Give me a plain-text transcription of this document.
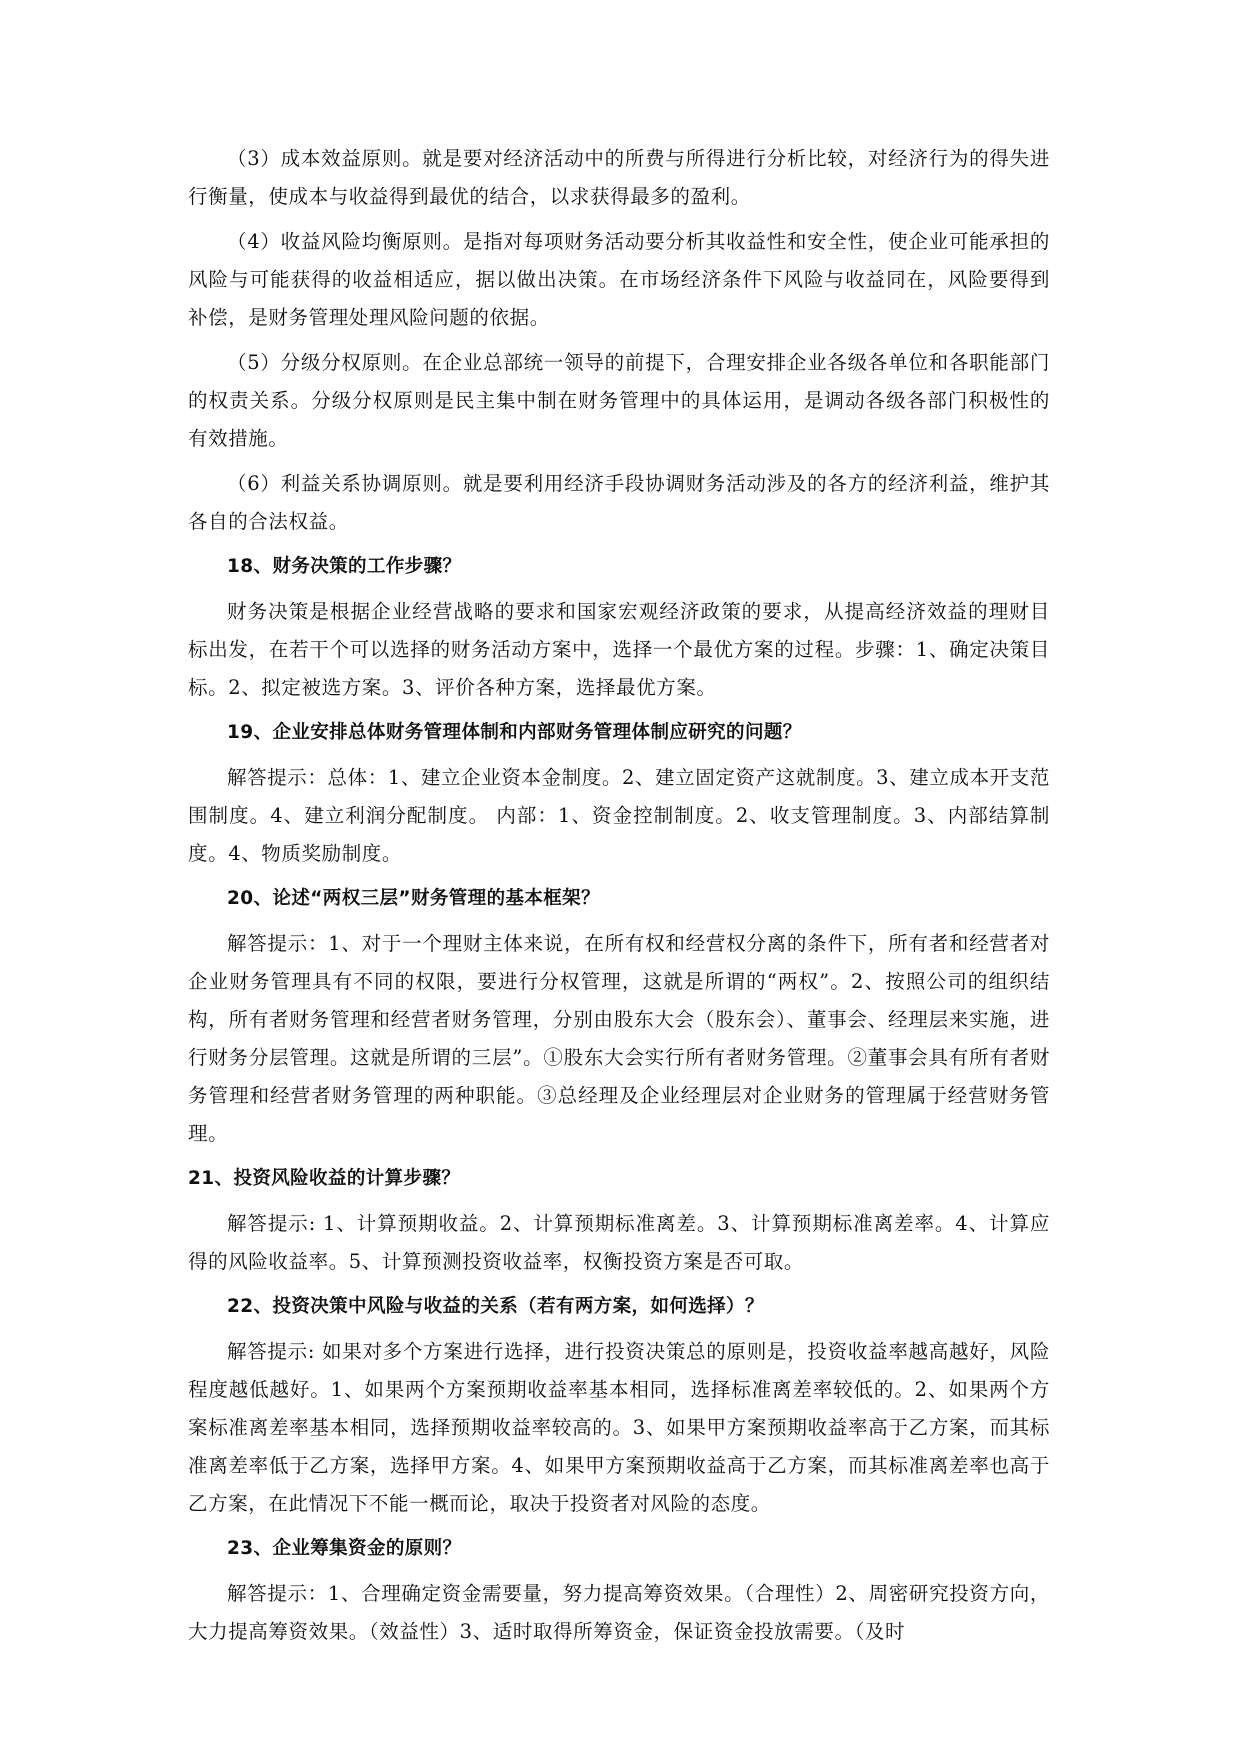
（3）成本效益原则。就是要对经济活动中的所费与所得进行分析比较，对经济行为的得失进行衡量，使成本与收益得到最优的结合，以求获得最多的盈利。

（4）收益风险均衡原则。是指对每项财务活动要分析其收益性和安全性，使企业可能承担的风险与可能获得的收益相适应，据以做出决策。在市场经济条件下风险与收益同在，风险要得到补偿，是财务管理处理风险问题的依据。

（5）分级分权原则。在企业总部统一领导的前提下，合理安排企业各级各单位和各职能部门的权责关系。分级分权原则是民主集中制在财务管理中的具体运用，是调动各级各部门积极性的有效措施。

（6）利益关系协调原则。就是要利用经济手段协调财务活动涉及的各方的经济利益，维护其各自的合法权益。

18、财务决策的工作步骤？

财务决策是根据企业经营战略的要求和国家宏观经济政策的要求，从提高经济效益的理财目标出发，在若干个可以选择的财务活动方案中，选择一个最优方案的过程。步骤：1、确定决策目标。2、拟定被选方案。3、评价各种方案，选择最优方案。

19、企业安排总体财务管理体制和内部财务管理体制应研究的问题？

解答提示：总体：1、建立企业资本金制度。2、建立固定资产这就制度。3、建立成本开支范围制度。4、建立利润分配制度。 内部：1、资金控制制度。2、收支管理制度。3、内部结算制度。4、物质奖励制度。

20、论述“两权三层”财务管理的基本框架？

解答提示：1、对于一个理财主体来说，在所有权和经营权分离的条件下，所有者和经营者对企业财务管理具有不同的权限，要进行分权管理，这就是所谓的“两权”。2、按照公司的组织结构，所有者财务管理和经营者财务管理，分别由股东大会（股东会）、董事会、经理层来实施，进行财务分层管理。这就是所谓的三层”。①股东大会实行所有者财务管理。②董事会具有所有者财务管理和经营者财务管理的两种职能。③总经理及企业经理层对企业财务的管理属于经营财务管理。

21、投资风险收益的计算步骤？

解答提示: 1、计算预期收益。2、计算预期标准离差。3、计算预期标准离差率。4、计算应得的风险收益率。5、计算预测投资收益率，权衡投资方案是否可取。

22、投资决策中风险与收益的关系（若有两方案，如何选择）？

解答提示: 如果对多个方案进行选择，进行投资决策总的原则是，投资收益率越高越好，风险程度越低越好。1、如果两个方案预期收益率基本相同，选择标准离差率较低的。2、如果两个方案标准离差率基本相同，选择预期收益率较高的。3、如果甲方案预期收益率高于乙方案，而其标准离差率低于乙方案，选择甲方案。4、如果甲方案预期收益高于乙方案，而其标准离差率也高于乙方案，在此情况下不能一概而论，取决于投资者对风险的态度。

23、企业筹集资金的原则？

解答提示：1、合理确定资金需要量，努力提高筹资效果。（合理性）2、周密研究投资方向，大力提高筹资效果。（效益性）3、适时取得所筹资金，保证资金投放需要。（及时
